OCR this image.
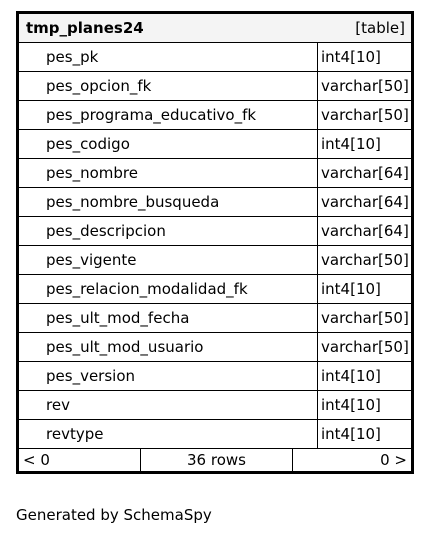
tmp_planes24	[table]
pes_pk	int4[10]
pes_opcion_fk	varchar[50]
pes_programa_educativo_fk	varchar[50]
pes_codigo	int4[10]
pes_nombre	varchar[64]
pes_nombre_busqueda	varchar[64]
pes_descripcion	varchar[64]
pes_vigente	varchar[50]
pes_relacion_modalidad_fk	int4[10]
pes_ult_mod_fecha	varchar[50]
pes_ult_mod_usuario	varchar[50]
pes_version	int4[10]
rev	int4[10]
revtype	int4[10]
< 0	36 rows	0 >
Generated by SchemaSpy
